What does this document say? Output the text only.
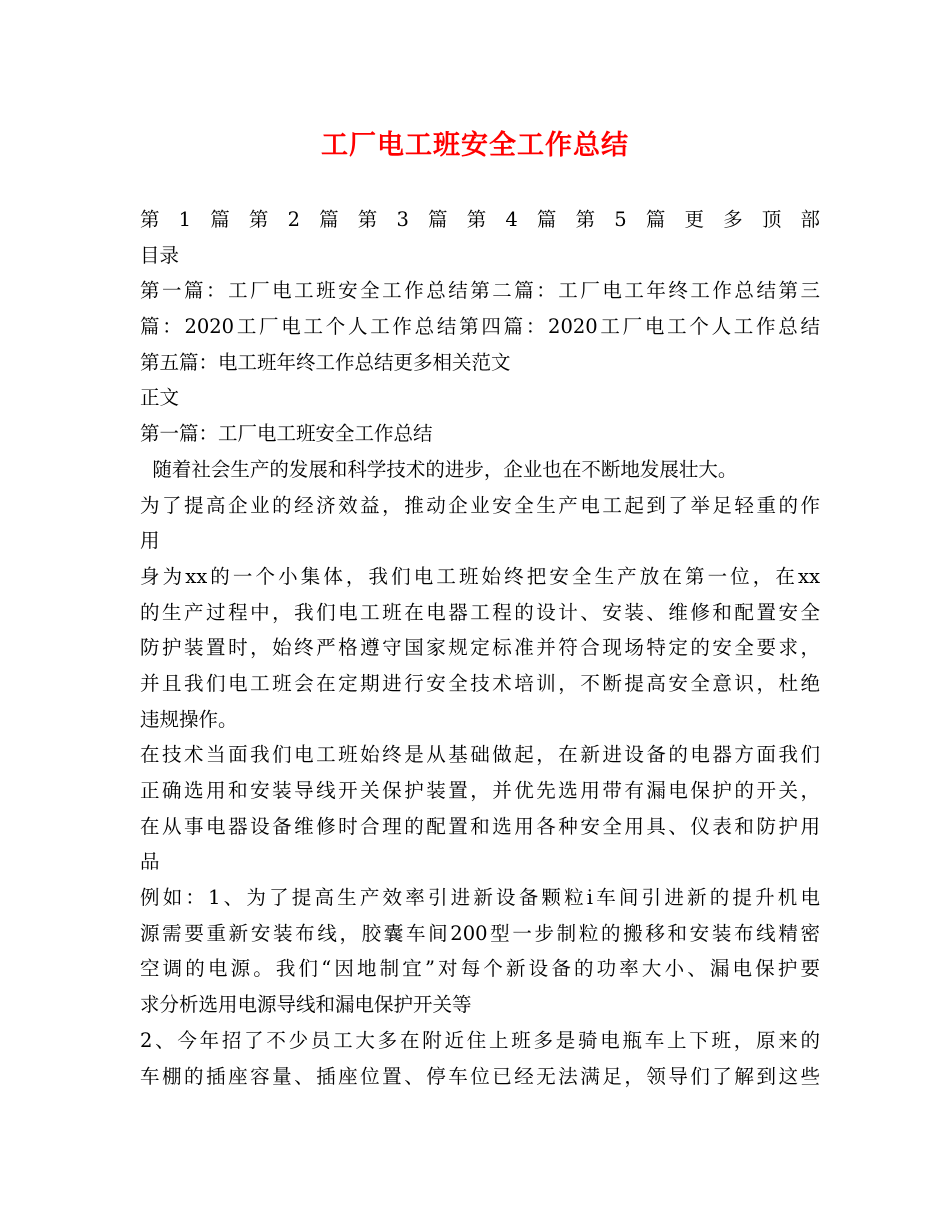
工厂电工班安全工作总结
第1篇第2篇第3篇第4篇第5篇更多顶部
目录
第一篇：工厂电工班安全工作总结第二篇：工厂电工年终工作总结第三
篇：2020工厂电工个人工作总结第四篇：2020工厂电工个人工作总结
第五篇：电工班年终工作总结更多相关范文
正文
第一篇：工厂电工班安全工作总结
随着社会生产的发展和科学技术的进步，企业也在不断地发展壮大。
为了提高企业的经济效益，推动企业安全生产电工起到了举足轻重的作
用
身为xx的一个小集体，我们电工班始终把安全生产放在第一位，在xx
的生产过程中，我们电工班在电器工程的设计、安装、维修和配置安全
防护装置时，始终严格遵守国家规定标准并符合现场特定的安全要求，
并且我们电工班会在定期进行安全技术培训，不断提高安全意识，杜绝
违规操作。
在技术当面我们电工班始终是从基础做起，在新进设备的电器方面我们
正确选用和安装导线开关保护装置，并优先选用带有漏电保护的开关，
在从事电器设备维修时合理的配置和选用各种安全用具、仪表和防护用
品
例如：1、为了提高生产效率引进新设备颗粒i车间引进新的提升机电
源需要重新安装布线，胶囊车间200型一步制粒的搬移和安装布线精密
空调的电源。我们“因地制宜”对每个新设备的功率大小、漏电保护要
求分析选用电源导线和漏电保护开关等
2、今年招了不少员工大多在附近住上班多是骑电瓶车上下班，原来的
车棚的插座容量、插座位置、停车位已经无法满足，领导们了解到这些
